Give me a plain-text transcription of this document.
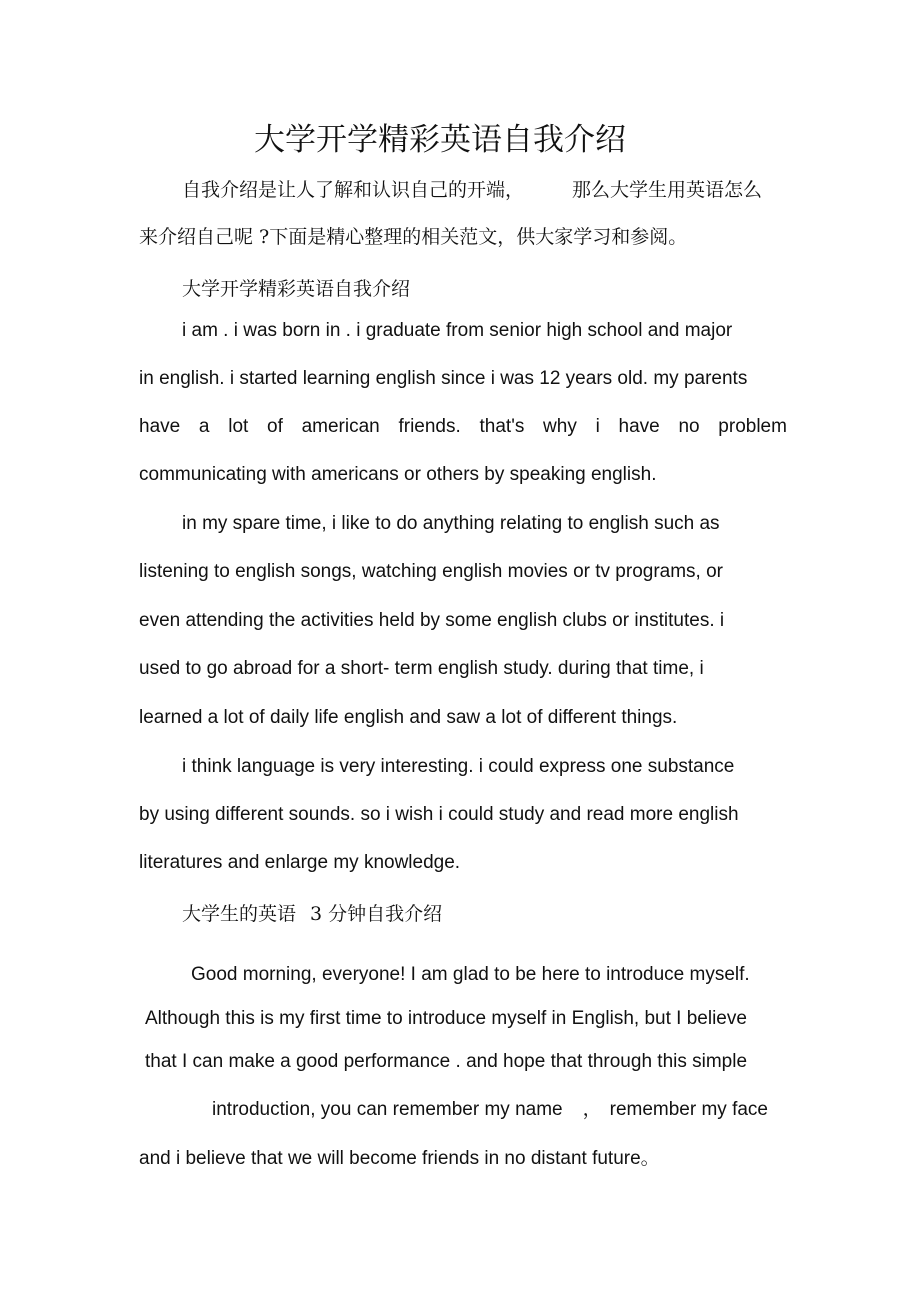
大学开学精彩英语自我介绍
自我介绍是让人了解和认识自己的开端，	那么大学生用英语怎么
来介绍自己呢 ?下面是精心整理的相关范文，供大家学习和参阅。
大学开学精彩英语自我介绍
i am . i was born in . i graduate from senior high school and major
in english. i started learning english since i was 12 years old. my parents
have a lot of american friends. that's why i have no problem
communicating with americans or others by speaking english.
in my spare time, i like to do anything relating to english such as
listening to english songs, watching english movies or tv programs, or
even attending the activities held by some english clubs or institutes. i
used to go abroad for a short- term english study. during that time, i
learned a lot of daily life english and saw a lot of different things.
i think language is very interesting. i could express one substance
by using different sounds. so i wish i could study and read more english
literatures and enlarge my knowledge.
大学生的英语 3 分钟自我介绍
Good morning, everyone! I am glad to be here to introduce myself.
Although this is my first time to introduce myself in English, but I believe
that I can make a good performance . and hope that through this simple
introduction, you can remember my name ， remember my face
and i believe that we will become friends in no distant future。
